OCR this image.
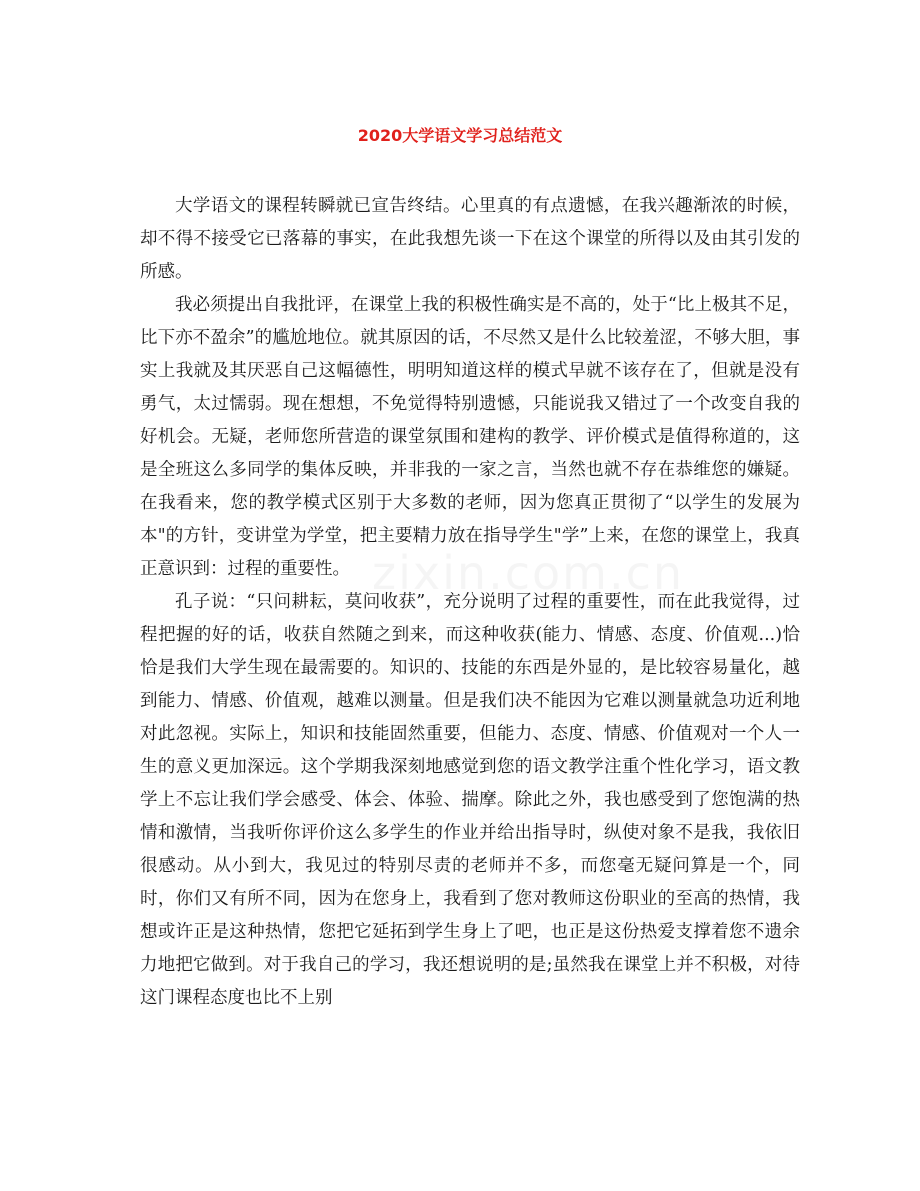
2020大学语文学习总结范文
zixin.com.cn

大学语文的课程转瞬就已宣告终结。心里真的有点遗憾，在我兴趣渐浓的时候，却不得不接受它已落幕的事实，在此我想先谈一下在这个课堂的所得以及由其引发的所感。

我必须提出自我批评，在课堂上我的积极性确实是不高的，处于“比上极其不足，比下亦不盈余”的尴尬地位。就其原因的话，不尽然又是什么比较羞涩，不够大胆，事实上我就及其厌恶自己这幅德性，明明知道这样的模式早就不该存在了，但就是没有勇气，太过懦弱。现在想想，不免觉得特别遗憾，只能说我又错过了一个改变自我的好机会。无疑，老师您所营造的课堂氛围和建构的教学、评价模式是值得称道的，这是全班这么多同学的集体反映，并非我的一家之言，当然也就不存在恭维您的嫌疑。在我看来，您的教学模式区别于大多数的老师，因为您真正贯彻了“以学生的发展为本"的方针，变讲堂为学堂，把主要精力放在指导学生"学”上来，在您的课堂上，我真正意识到：过程的重要性。

孔子说：“只问耕耘，莫问收获”，充分说明了过程的重要性，而在此我觉得，过程把握的好的话，收获自然随之到来，而这种收获(能力、情感、态度、价值观...)恰恰是我们大学生现在最需要的。知识的、技能的东西是外显的，是比较容易量化，越到能力、情感、价值观，越难以测量。但是我们决不能因为它难以测量就急功近利地对此忽视。实际上，知识和技能固然重要，但能力、态度、情感、价值观对一个人一生的意义更加深远。这个学期我深刻地感觉到您的语文教学注重个性化学习，语文教学上不忘让我们学会感受、体会、体验、揣摩。除此之外，我也感受到了您饱满的热情和激情，当我听你评价这么多学生的作业并给出指导时，纵使对象不是我，我依旧很感动。从小到大，我见过的特别尽责的老师并不多，而您毫无疑问算是一个，同时，你们又有所不同，因为在您身上，我看到了您对教师这份职业的至高的热情，我想或许正是这种热情，您把它延拓到学生身上了吧，也正是这份热爱支撑着您不遗余力地把它做到。对于我自己的学习，我还想说明的是;虽然我在课堂上并不积极，对待这门课程态度也比不上别
